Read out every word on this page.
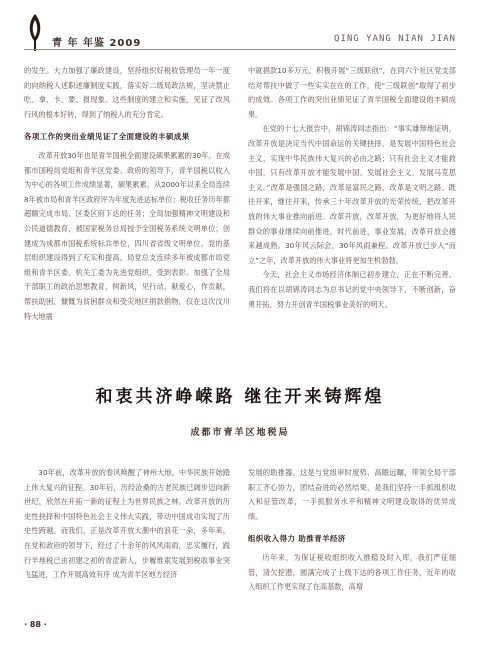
青 年 年鉴 2009	QING YANG NIAN JIAN

的发生。大力加强了廉政建设，坚持组织好税收管理员一年一度的向纳税人述职述廉制度实践，落实好二级局政法规，坚决禁止吃、拿、卡、要、报现象。这些制度的建立和实施，见证了改风行风的根本好转，得到了纳税人的充分肯定。

各项工作的突出业绩见证了全面建设的丰硕成果

改革开放30年也是青羊国税全面建设硕果累累的30年。在成都市国税局党组和青羊区党委、政府的领导下，青羊国税以收入为中心的各项工作成绩显著，硕果累累。从2000年以来全局连续8年被市局和青羊区政府评为年度先进达标单位；税收任务历年都超额完成市局、区委区府下达的任务；全局加强精神文明建设和公民道德教育，被国家税务总局授予全国税务系统文明单位；创建成为成都市国税系统标兵单位，四川省省级文明单位。党的基层组织建设得到了充实和提高，局党总支连续多年被成都市局党组和青羊区委、机关工委为先进党组织，受到表彰。加强了全局干部职工的政治思想教育，树新风，见行动，献爱心，作贡献，帮扶助困，慷慨为贫困群众和受灾地区捐款捐物，仅在这次汶川特大地震

中就捐款10多万元，积极开展“三级联创”，在同六个社区党支部结对帮扶中做了一些实实在在的工作，使“三级联创”取得了初步的成效。各项工作的突出业绩见证了青羊国税全面建设的丰硕成果。

在党的十七大报告中，胡锦涛同志指出：“事实雄辩地证明，改革开放是决定当代中国命运的关键抉择，是发展中国特色社会主义、实现中华民族伟大复兴的必由之路；只有社会主义才能救中国，只有改革开放才能发展中国、发展社会主义、发展马克思主义。”改革是强国之路，改革是富民之路，改革是文明之路。既往开来，继往开来，传承三十年改革开放的光荣传统，把改革开放的伟大事业推向前进。改革开放，改革开放，为更好地将人民群众的事业继续向前推进。时代前进，事业发展，改革开放会越来越成熟。30年风云际会，30年风雨兼程。改革开放已步入“而立”之年，改革开放的伟大事业将更加生机勃勃。

今天，社会主义市场经济体制已初步建立，正在不断完善。我们将在以胡锦涛同志为总书记的党中央领导下，不断创新，奋勇开拓，努力开创青羊国税事业美好的明天。

和衷共济峥嵘路 继往开来铸辉煌
成都市青羊区地税局

30年前，改革开放的春风唤醒了神州大地，中华民族开始踏上伟大复兴的征程。30年后，历经沧桑的古老民族已阔步迈向新世纪，欣然在开拓一新的征程上为世界民族之林。改革开放的历史性抉择和中国特色社会主义伟大实践，带动中国成功实现了历史性跨越。而我们，正是改革开放大潮中的浪花一朵，多年来，在党和政府的领导下，经过了十余年的风风雨雨，忠实履行，践行羊地税已由初建之初的青涩新人，步履维艰发展到税收事业突飞猛进，工作开展高效有序 成为青羊区地方经济

发展的助推器。这是与党组审时度势、高瞻远瞩，带领全局干部职工齐心协力，团结奋进的必然结果，是我们坚持一手抓组织收入和征管改革，一手抓服务水平和精神文明建设取得的优异成绩。

组织收入得力 助推青羊经济

历年来，为保证税收组织收入推稳及时入库，我们严征细管，清欠挖潜，圆满完成了上级下达的各项工作任务，近年的收入组织工作更实现了在高基数，高增

· 88 ·
